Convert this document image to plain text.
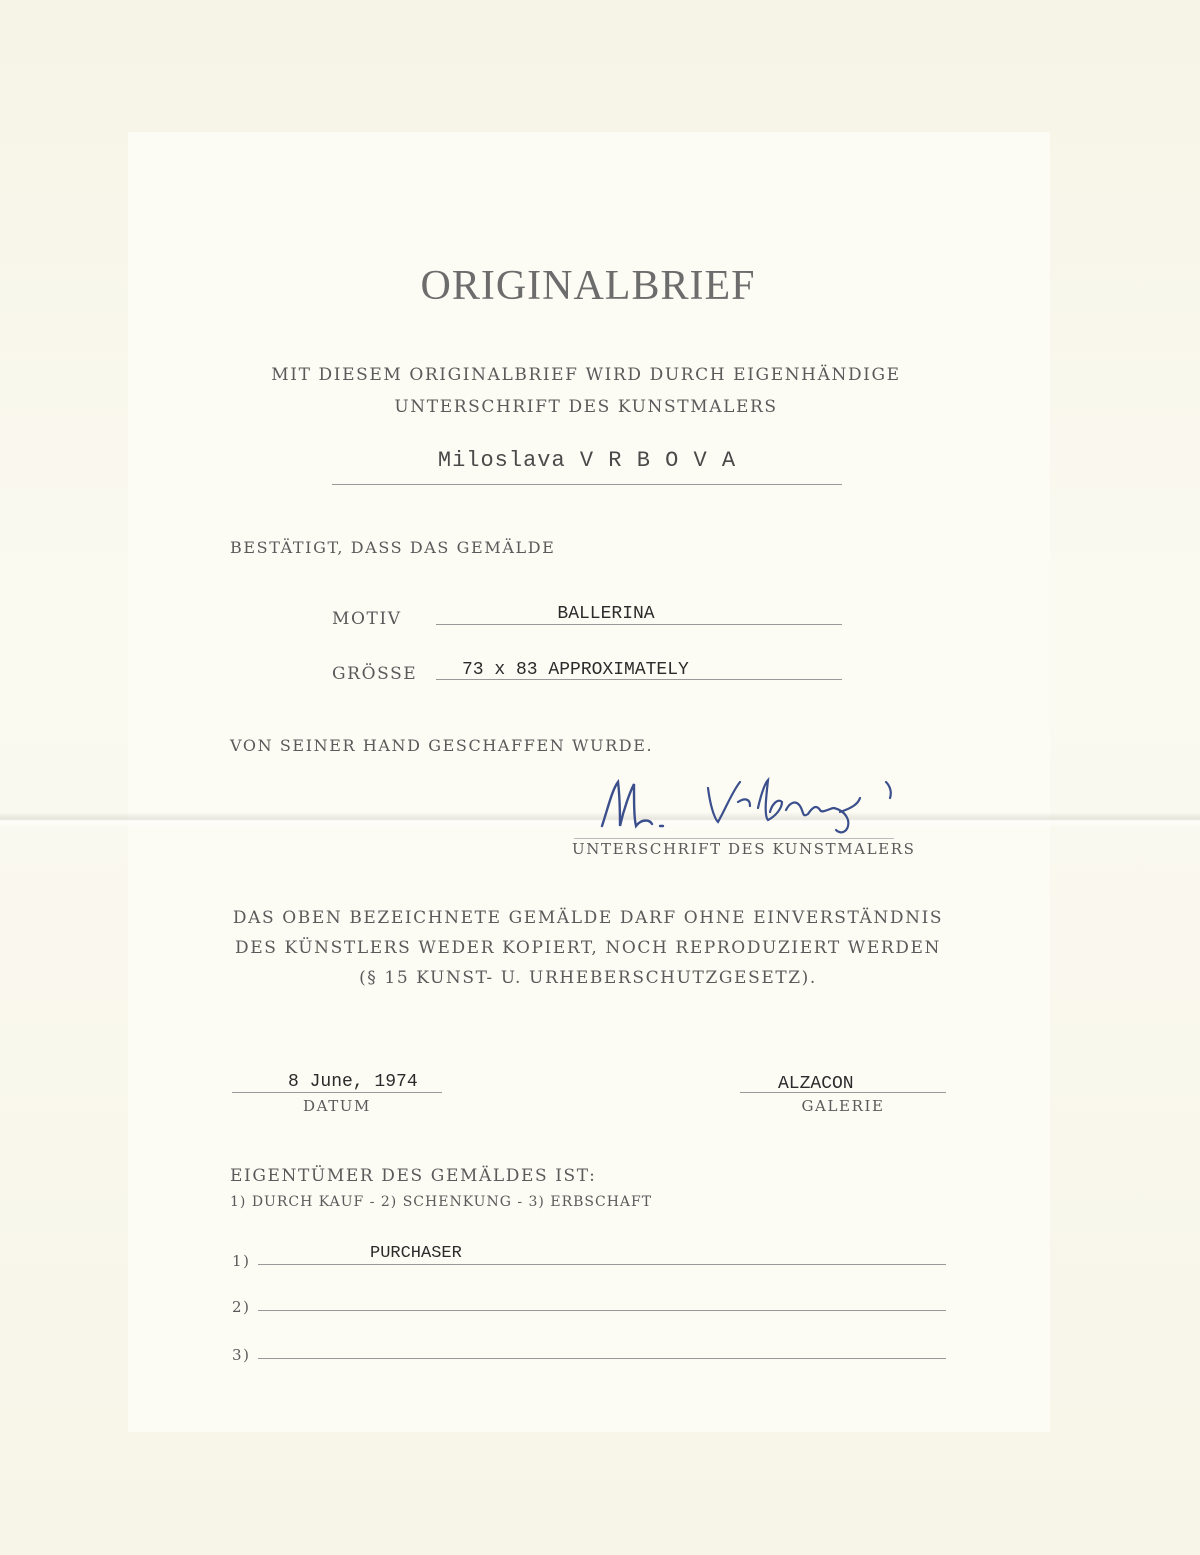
ORIGINALBRIEF
MIT DIESEM ORIGINALBRIEF WIRD DURCH EIGENHÄNDIGE
UNTERSCHRIFT DES KUNSTMALERS
Miloslava V R B O V A
BESTÄTIGT, DASS DAS GEMÄLDE
MOTIV	BALLERINA
GRÖSSE 73 x 83 APPROXIMATELY
VON SEINER HAND GESCHAFFEN WURDE.
UNTERSCHRIFT DES KUNSTMALERS
DAS OBEN BEZEICHNETE GEMÄLDE DARF OHNE EINVERSTÄNDNIS
DES KÜNSTLERS WEDER KOPIERT, NOCH REPRODUZIERT WERDEN
(§ 15 KUNST- U. URHEBERSCHUTZGESETZ).
8 June, 1974
DATUM
ALZACON
GALERIE
EIGENTÜMER DES GEMÄLDES IST:
1) DURCH KAUF - 2) SCHENKUNG - 3) ERBSCHAFT
1)	PURCHASER
2)
3)
